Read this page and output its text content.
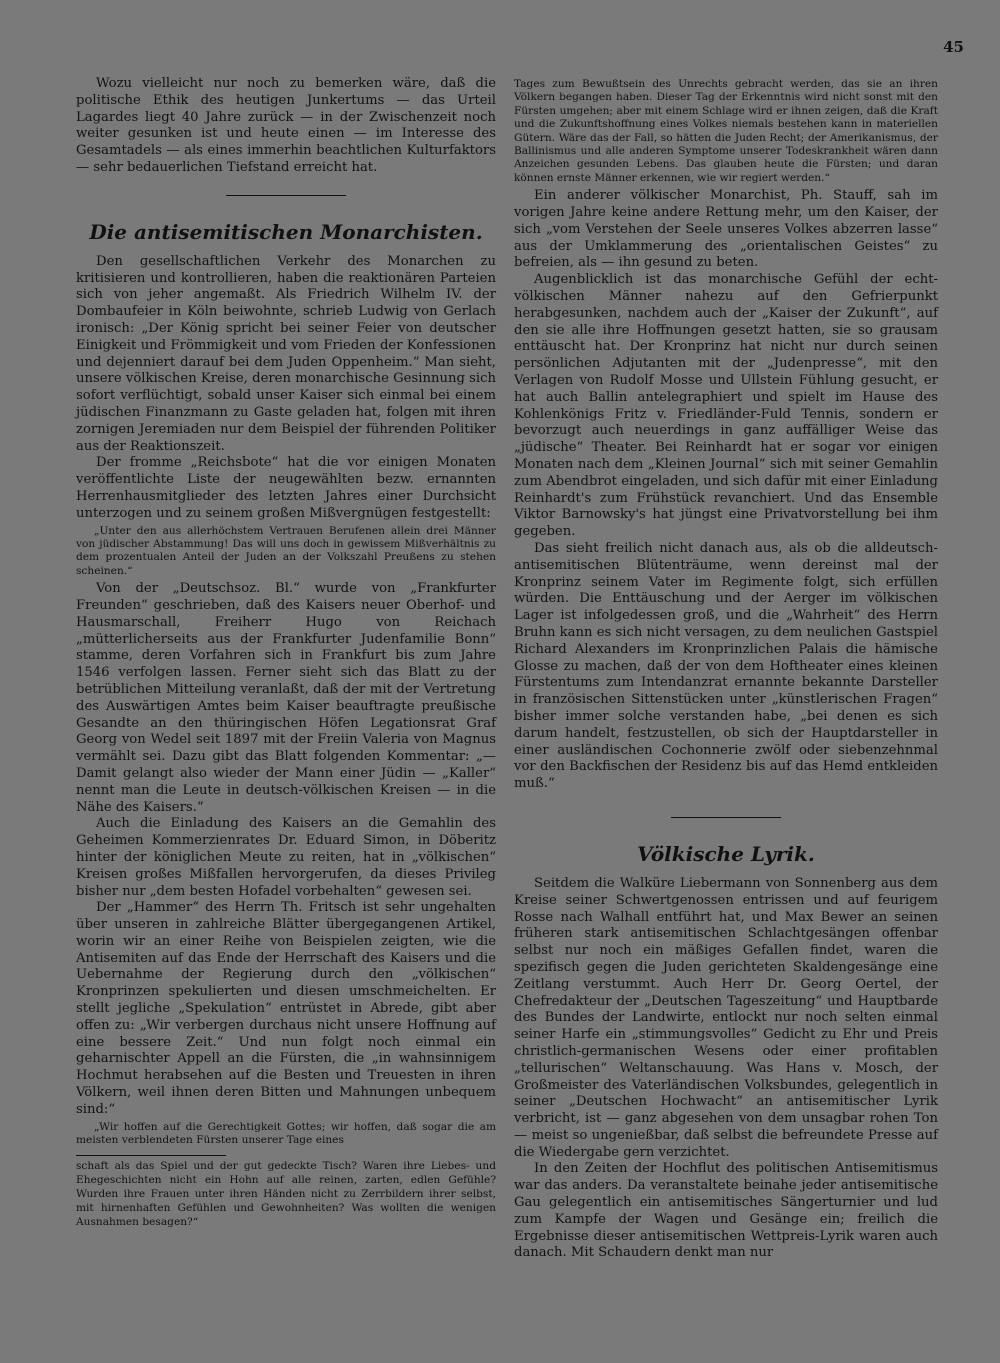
45

Wozu vielleicht nur noch zu bemerken wäre, daß die politische Ethik des heutigen Junkertums — das Urteil Lagardes liegt 40 Jahre zurück — in der Zwischenzeit noch weiter gesunken ist und heute einen — im Interesse des Gesamtadels — als eines immerhin beachtlichen Kulturfaktors — sehr bedauerlichen Tiefstand erreicht hat.

Die antisemitischen Monarchisten.

Den gesellschaftlichen Verkehr des Monarchen zu kritisieren und kontrollieren, haben die reaktionären Parteien sich von jeher angemaßt. Als Friedrich Wilhelm IV. der Dombaufeier in Köln beiwohnte, schrieb Ludwig von Gerlach ironisch: „Der König spricht bei seiner Feier von deutscher Einigkeit und Frömmigkeit und vom Frieden der Konfessionen und dejenniert darauf bei dem Juden Oppenheim.“ Man sieht, unsere völkischen Kreise, deren monarchische Gesinnung sich sofort verflüchtigt, sobald unser Kaiser sich einmal bei einem jüdischen Finanzmann zu Gaste geladen hat, folgen mit ihren zornigen Jeremiaden nur dem Beispiel der führenden Politiker aus der Reaktionszeit.

Der fromme „Reichsbote“ hat die vor einigen Monaten veröffentlichte Liste der neugewählten bezw. ernannten Herrenhausmitglieder des letzten Jahres einer Durchsicht unterzogen und zu seinem großen Mißvergnügen festgestellt:

„Unter den aus allerhöchstem Vertrauen Berufenen allein drei Männer von jüdischer Abstammung! Das will uns doch in gewissem Mißverhältnis zu dem prozentualen Anteil der Juden an der Volkszahl Preußens zu stehen scheinen.“

Von der „Deutschsoz. Bl.“ wurde von „Frankfurter Freunden“ geschrieben, daß des Kaisers neuer Oberhof- und Hausmarschall, Freiherr Hugo von Reichach „mütterlicherseits aus der Frankfurter Judenfamilie Bonn“ stamme, deren Vorfahren sich in Frankfurt bis zum Jahre 1546 verfolgen lassen. Ferner sieht sich das Blatt zu der betrüblichen Mitteilung veranlaßt, daß der mit der Vertretung des Auswärtigen Amtes beim Kaiser beauftragte preußische Gesandte an den thüringischen Höfen Legationsrat Graf Georg von Wedel seit 1897 mit der Freiin Valeria von Magnus vermählt sei. Dazu gibt das Blatt folgenden Kommentar: „— Damit gelangt also wieder der Mann einer Jüdin — „Kaller“ nennt man die Leute in deutsch-völkischen Kreisen — in die Nähe des Kaisers.“

Auch die Einladung des Kaisers an die Gemahlin des Geheimen Kommerzienrates Dr. Eduard Simon, in Döberitz hinter der königlichen Meute zu reiten, hat in „völkischen“ Kreisen großes Mißfallen hervorgerufen, da dieses Privileg bisher nur „dem besten Hofadel vorbehalten“ gewesen sei.

Der „Hammer“ des Herrn Th. Fritsch ist sehr ungehalten über unseren in zahlreiche Blätter übergegangenen Artikel, worin wir an einer Reihe von Beispielen zeigten, wie die Antisemiten auf das Ende der Herrschaft des Kaisers und die Uebernahme der Regierung durch den „völkischen“ Kronprinzen spekulierten und diesen umschmeichelten. Er stellt jegliche „Spekulation“ entrüstet in Abrede, gibt aber offen zu: „Wir verbergen durchaus nicht unsere Hoffnung auf eine bessere Zeit.“ Und nun folgt noch einmal ein geharnischter Appell an die Fürsten, die „in wahnsinnigem Hochmut herabsehen auf die Besten und Treuesten in ihren Völkern, weil ihnen deren Bitten und Mahnungen unbequem sind:“

„Wir hoffen auf die Gerechtigkeit Gottes; wir hoffen, daß sogar die am meisten verblendeten Fürsten unserer Tage eines
schaft als das Spiel und der gut gedeckte Tisch? Waren ihre Liebes- und Ehegeschichten nicht ein Hohn auf alle reinen, zarten, edlen Gefühle? Wurden ihre Frauen unter ihren Händen nicht zu Zerrbildern ihrer selbst, mit hirnenhaften Gefühlen und Gewohnheiten? Was wollten die wenigen Ausnahmen besagen?“
Tages zum Bewußtsein des Unrechts gebracht werden, das sie an ihren Völkern begangen haben. Dieser Tag der Erkenntnis wird nicht sonst mit den Fürsten umgehen; aber mit einem Schlage wird er ihnen zeigen, daß die Kraft und die Zukunftshoffnung eines Volkes niemals bestehen kann in materiellen Gütern. Wäre das der Fall, so hätten die Juden Recht; der Amerikanismus, der Ballinismus und alle anderen Symptome unserer Todeskrankheit wären dann Anzeichen gesunden Lebens. Das glauben heute die Fürsten; und daran können ernste Männer erkennen, wie wir regiert werden.“

Ein anderer völkischer Monarchist, Ph. Stauff, sah im vorigen Jahre keine andere Rettung mehr, um den Kaiser, der sich „vom Verstehen der Seele unseres Volkes abzerren lasse“ aus der Umklammerung des „orientalischen Geistes“ zu befreien, als — ihn gesund zu beten.

Augenblicklich ist das monarchische Gefühl der echt-völkischen Männer nahezu auf den Gefrierpunkt herabgesunken, nachdem auch der „Kaiser der Zukunft“, auf den sie alle ihre Hoffnungen gesetzt hatten, sie so grausam enttäuscht hat. Der Kronprinz hat nicht nur durch seinen persönlichen Adjutanten mit der „Judenpresse“, mit den Verlagen von Rudolf Mosse und Ullstein Fühlung gesucht, er hat auch Ballin antelegraphiert und spielt im Hause des Kohlenkönigs Fritz v. Friedländer-Fuld Tennis, sondern er bevorzugt auch neuerdings in ganz auffälliger Weise das „jüdische“ Theater. Bei Reinhardt hat er sogar vor einigen Monaten nach dem „Kleinen Journal“ sich mit seiner Gemahlin zum Abendbrot eingeladen, und sich dafür mit einer Einladung Reinhardt's zum Frühstück revanchiert. Und das Ensemble Viktor Barnowsky's hat jüngst eine Privatvorstellung bei ihm gegeben.

Das sieht freilich nicht danach aus, als ob die alldeutsch-antisemitischen Blütenträume, wenn dereinst mal der Kronprinz seinem Vater im Regimente folgt, sich erfüllen würden. Die Enttäuschung und der Aerger im völkischen Lager ist infolgedessen groß, und die „Wahrheit“ des Herrn Bruhn kann es sich nicht versagen, zu dem neulichen Gastspiel Richard Alexanders im Kronprinzlichen Palais die hämische Glosse zu machen, daß der von dem Hoftheater eines kleinen Fürstentums zum Intendanzrat ernannte bekannte Darsteller in französischen Sittenstücken unter „künstlerischen Fragen“ bisher immer solche verstanden habe, „bei denen es sich darum handelt, festzustellen, ob sich der Hauptdarsteller in einer ausländischen Cochonnerie zwölf oder siebenzehnmal vor den Backfischen der Residenz bis auf das Hemd entkleiden muß.“

Völkische Lyrik.

Seitdem die Walküre Liebermann von Sonnenberg aus dem Kreise seiner Schwertgenossen entrissen und auf feurigem Rosse nach Walhall entführt hat, und Max Bewer an seinen früheren stark antisemitischen Schlachtgesängen offenbar selbst nur noch ein mäßiges Gefallen findet, waren die spezifisch gegen die Juden gerichteten Skaldengesänge eine Zeitlang verstummt. Auch Herr Dr. Georg Oertel, der Chefredakteur der „Deutschen Tageszeitung“ und Hauptbarde des Bundes der Landwirte, entlockt nur noch selten einmal seiner Harfe ein „stimmungsvolles“ Gedicht zu Ehr und Preis christlich-germanischen Wesens oder einer profitablen „tellurischen“ Weltanschauung. Was Hans v. Mosch, der Großmeister des Vaterländischen Volksbundes, gelegentlich in seiner „Deutschen Hochwacht“ an antisemitischer Lyrik verbricht, ist — ganz abgesehen von dem unsagbar rohen Ton — meist so ungenießbar, daß selbst die befreundete Presse auf die Wiedergabe gern verzichtet.

In den Zeiten der Hochflut des politischen Antisemitismus war das anders. Da veranstaltete beinahe jeder antisemitische Gau gelegentlich ein antisemitisches Sängerturnier und lud zum Kampfe der Wagen und Gesänge ein; freilich die Ergebnisse dieser antisemitischen Wettpreis-Lyrik waren auch danach. Mit Schaudern denkt man nur
